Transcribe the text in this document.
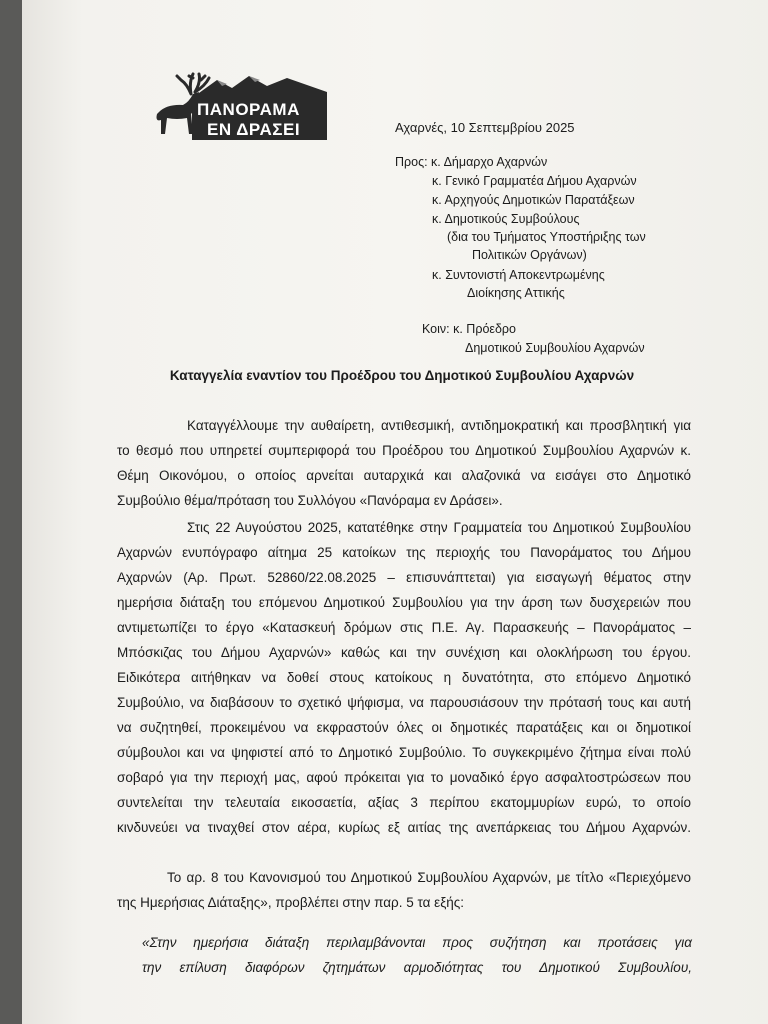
ΠΑΝΟΡΑΜΑ
ΕΝ ΔΡΑΣΕΙ	Αχαρνές, 10 Σεπτεμβρίου 2025
Προς: κ. Δήμαρχο Αχαρνών
κ. Γενικό Γραμματέα Δήμου Αχαρνών
κ. Αρχηγούς Δημοτικών Παρατάξεων
κ. Δημοτικούς Συμβούλους
(δια του Τμήματος Υποστήριξης των
Πολιτικών Οργάνων)
κ. Συντονιστή Αποκεντρωμένης
Διοίκησης Αττικής
Κοιν: κ. Πρόεδρο
Δημοτικού Συμβουλίου Αχαρνών
Καταγγελία εναντίον του Προέδρου του Δημοτικού Συμβουλίου Αχαρνών

Καταγγέλλουμε την αυθαίρετη, αντιθεσμική, αντιδημοκρατική και προσβλητική για

το θεσμό που υπηρετεί συμπεριφορά του Προέδρου του Δημοτικού Συμβουλίου Αχαρνών κ.

Θέμη Οικονόμου, ο οποίος αρνείται αυταρχικά και αλαζονικά να εισάγει στο Δημοτικό

Συμβούλιο θέμα/πρόταση του Συλλόγου «Πανόραμα εν Δράσει».

Στις 22 Αυγούστου 2025, κατατέθηκε στην Γραμματεία του Δημοτικού Συμβουλίου

Αχαρνών ενυπόγραφο αίτημα 25 κατοίκων της περιοχής του Πανοράματος του Δήμου

Αχαρνών (Αρ. Πρωτ. 52860/22.08.2025 – επισυνάπτεται) για εισαγωγή θέματος στην

ημερήσια διάταξη του επόμενου Δημοτικού Συμβουλίου για την άρση των δυσχερειών που

αντιμετωπίζει το έργο «Κατασκευή δρόμων στις Π.Ε. Αγ. Παρασκευής – Πανοράματος –

Μπόσκιζας του Δήμου Αχαρνών» καθώς και την συνέχιση και ολοκλήρωση του έργου.

Ειδικότερα αιτήθηκαν να δοθεί στους κατοίκους η δυνατότητα, στο επόμενο Δημοτικό

Συμβούλιο, να διαβάσουν το σχετικό ψήφισμα, να παρουσιάσουν την πρότασή τους και αυτή

να συζητηθεί, προκειμένου να εκφραστούν όλες οι δημοτικές παρατάξεις και οι δημοτικοί

σύμβουλοι και να ψηφιστεί από το Δημοτικό Συμβούλιο. Το συγκεκριμένο ζήτημα είναι πολύ

σοβαρό για την περιοχή μας, αφού πρόκειται για το μοναδικό έργο ασφαλτοστρώσεων που

συντελείται την τελευταία εικοσαετία, αξίας 3 περίπου εκατομμυρίων ευρώ, το οποίο

κινδυνεύει να τιναχθεί στον αέρα, κυρίως εξ αιτίας της ανεπάρκειας του Δήμου Αχαρνών.

Το αρ. 8 του Κανονισμού του Δημοτικού Συμβουλίου Αχαρνών, με τίτλο «Περιεχόμενο

της Ημερήσιας Διάταξης», προβλέπει στην παρ. 5 τα εξής:

«Στην ημερήσια διάταξη περιλαμβάνονται προς συζήτηση και προτάσεις για

την επίλυση διαφόρων ζητημάτων αρμοδιότητας του Δημοτικού Συμβουλίου,
